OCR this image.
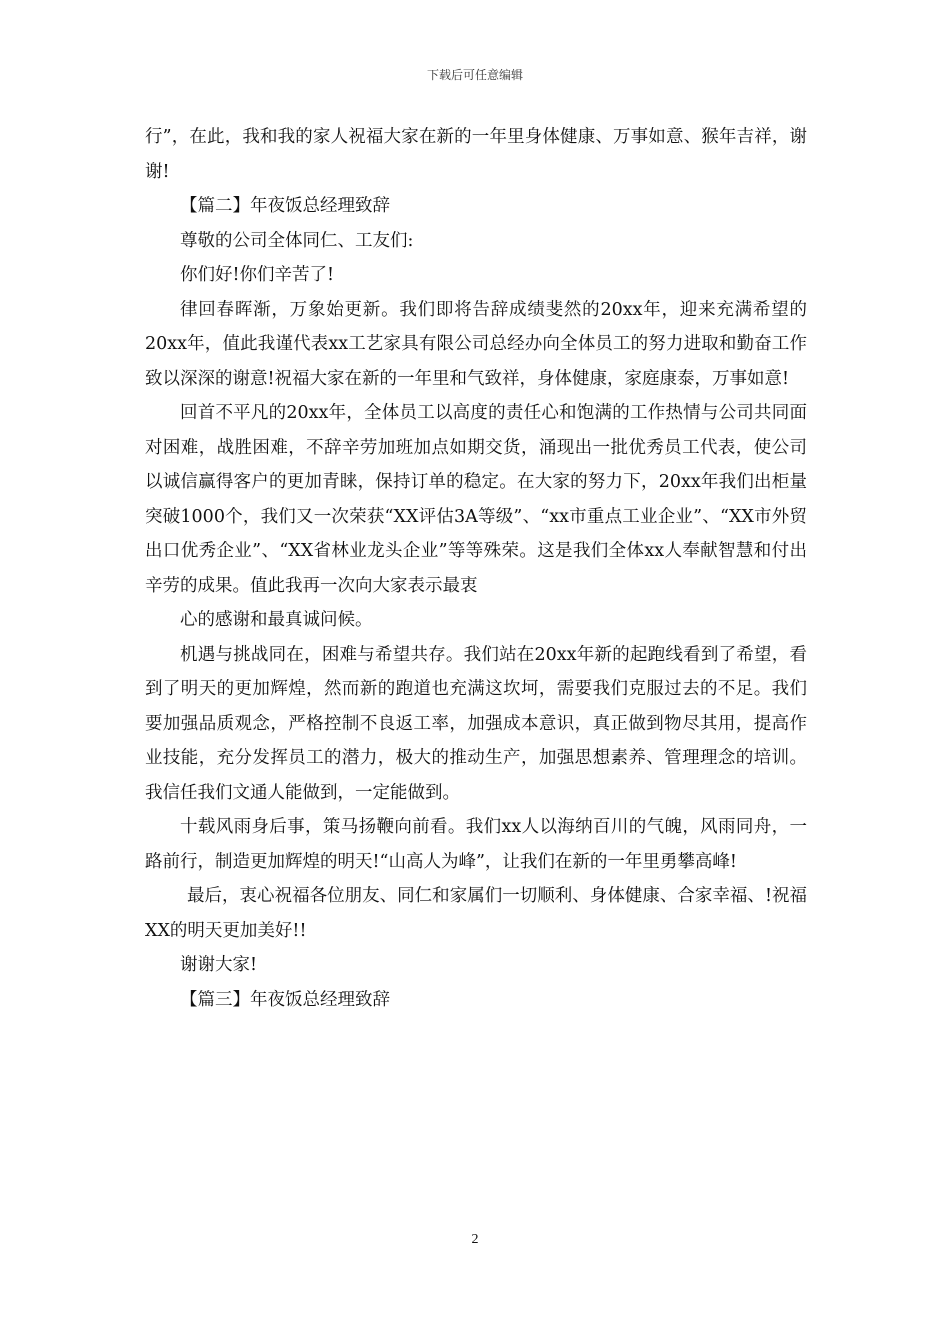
下载后可任意编辑

行”，在此，我和我的家人祝福大家在新的一年里身体健康、万事如意、猴年吉祥，谢谢!

【篇二】年夜饭总经理致辞

尊敬的公司全体同仁、工友们:

你们好!你们辛苦了!

律回春晖渐，万象始更新。我们即将告辞成绩斐然的20xx年，迎来充满希望的20xx年，值此我谨代表xx工艺家具有限公司总经办向全体员工的努力进取和勤奋工作致以深深的谢意!祝福大家在新的一年里和气致祥，身体健康，家庭康泰，万事如意!

回首不平凡的20xx年，全体员工以高度的责任心和饱满的工作热情与公司共同面对困难，战胜困难，不辞辛劳加班加点如期交货，涌现出一批优秀员工代表，使公司以诚信赢得客户的更加青睐，保持订单的稳定。在大家的努力下，20xx年我们出柜量突破1000个，我们又一次荣获“XX评估3A等级”、“xx市重点工业企业”、“XX市外贸出口优秀企业”、“XX省林业龙头企业”等等殊荣。这是我们全体xx人奉献智慧和付出辛劳的成果。值此我再一次向大家表示最衷

心的感谢和最真诚问候。

机遇与挑战同在，困难与希望共存。我们站在20xx年新的起跑线看到了希望，看到了明天的更加辉煌，然而新的跑道也充满这坎坷，需要我们克服过去的不足。我们要加强品质观念，严格控制不良返工率，加强成本意识，真正做到物尽其用，提高作业技能，充分发挥员工的潜力，极大的推动生产，加强思想素养、管理理念的培训。我信任我们文通人能做到，一定能做到。

十载风雨身后事，策马扬鞭向前看。我们xx人以海纳百川的气魄，风雨同舟，一路前行，制造更加辉煌的明天!“山高人为峰”，让我们在新的一年里勇攀高峰!

最后，衷心祝福各位朋友、同仁和家属们一切顺利、身体健康、合家幸福、!祝福XX的明天更加美好!!

谢谢大家!

【篇三】年夜饭总经理致辞

2
